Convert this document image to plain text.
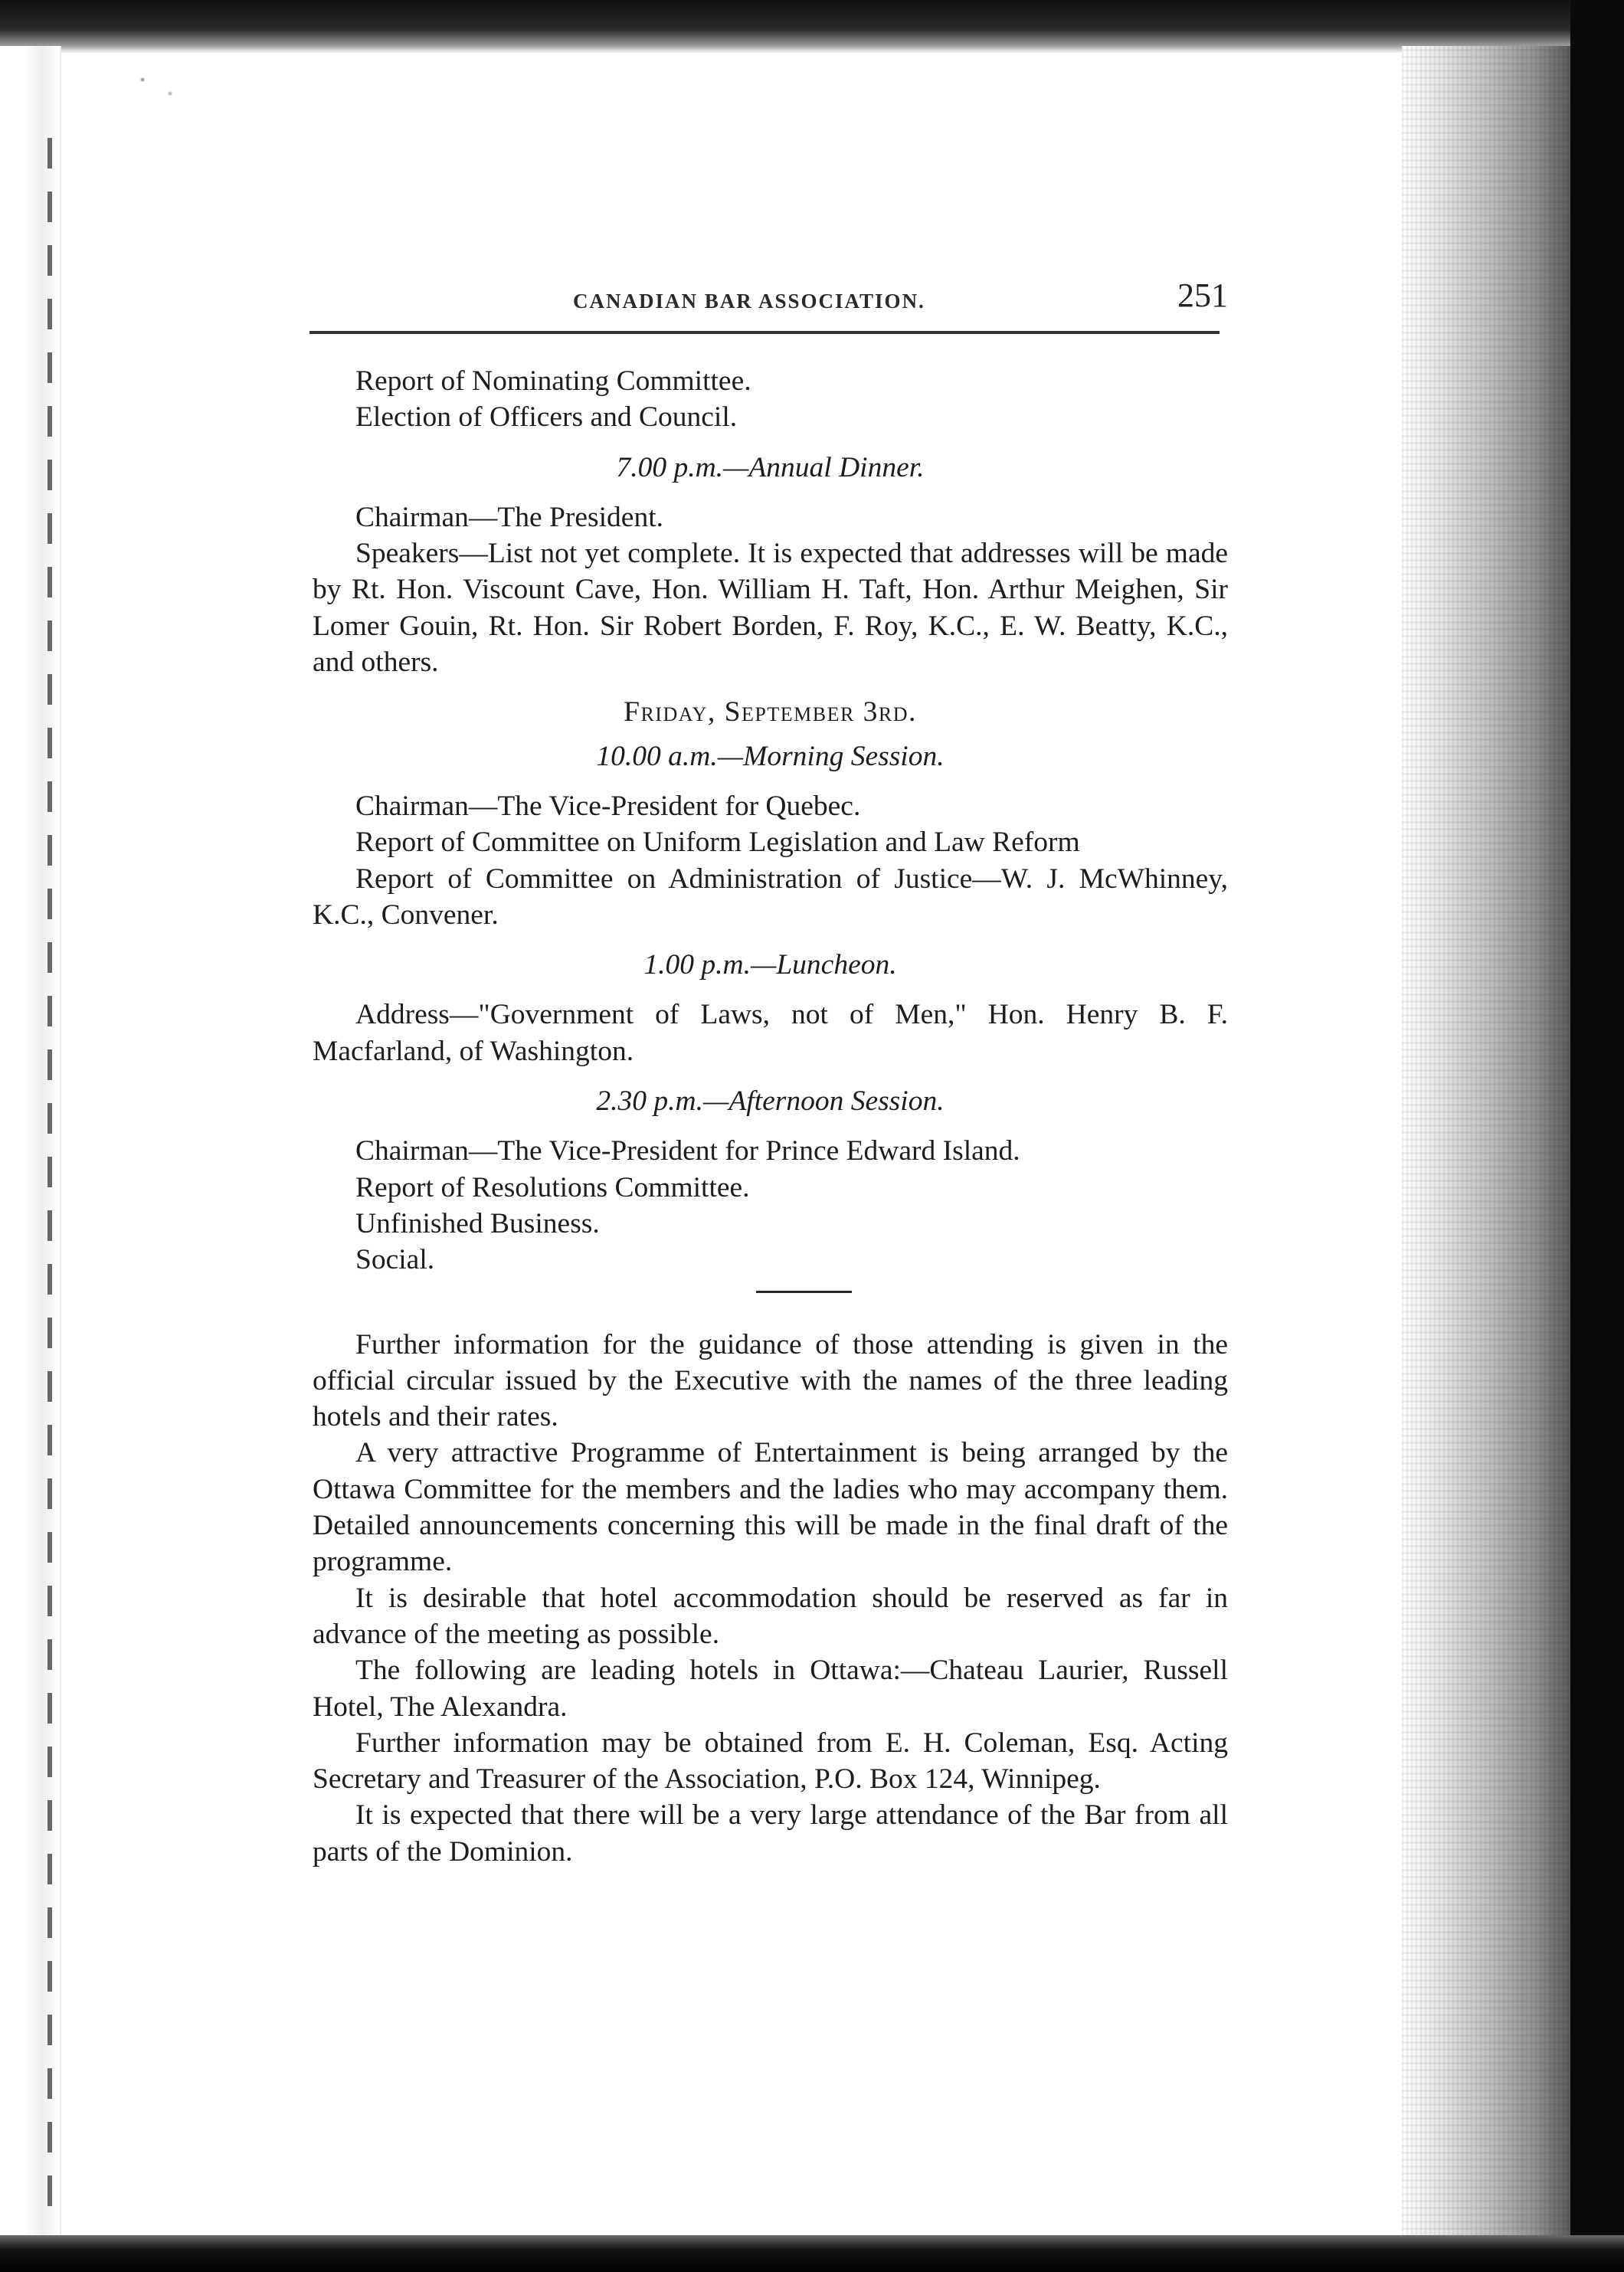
CANADIAN BAR ASSOCIATION.	251
Report of Nominating Committee.
Election of Officers and Council.
7.00 p.m.—Annual Dinner.
Chairman—The President.

Speakers—List not yet complete. It is expected that addresses will be made by Rt. Hon. Viscount Cave, Hon. William H. Taft, Hon. Arthur Meighen, Sir Lomer Gouin, Rt. Hon. Sir Robert Borden, F. Roy, K.C., E. W. Beatty, K.C., and others.

Friday, September 3rd.
10.00 a.m.—Morning Session.
Chairman—The Vice-President for Quebec.
Report of Committee on Uniform Legislation and Law Reform

Report of Committee on Administration of Justice—W. J. McWhinney, K.C., Convener.

1.00 p.m.—Luncheon.

Address—"Government of Laws, not of Men," Hon. Henry B. F. Macfarland, of Washington.

2.30 p.m.—Afternoon Session.
Chairman—The Vice-President for Prince Edward Island.
Report of Resolutions Committee.
Unfinished Business.
Social.

Further information for the guidance of those attending is given in the official circular issued by the Executive with the names of the three leading hotels and their rates.

A very attractive Programme of Entertainment is being arranged by the Ottawa Committee for the members and the ladies who may accompany them. Detailed announcements concerning this will be made in the final draft of the programme.

It is desirable that hotel accommodation should be reserved as far in advance of the meeting as possible.

The following are leading hotels in Ottawa:—Chateau Laurier, Russell Hotel, The Alexandra.

Further information may be obtained from E. H. Coleman, Esq. Acting Secretary and Treasurer of the Association, P.O. Box 124, Winnipeg.

It is expected that there will be a very large attendance of the Bar from all parts of the Dominion.
